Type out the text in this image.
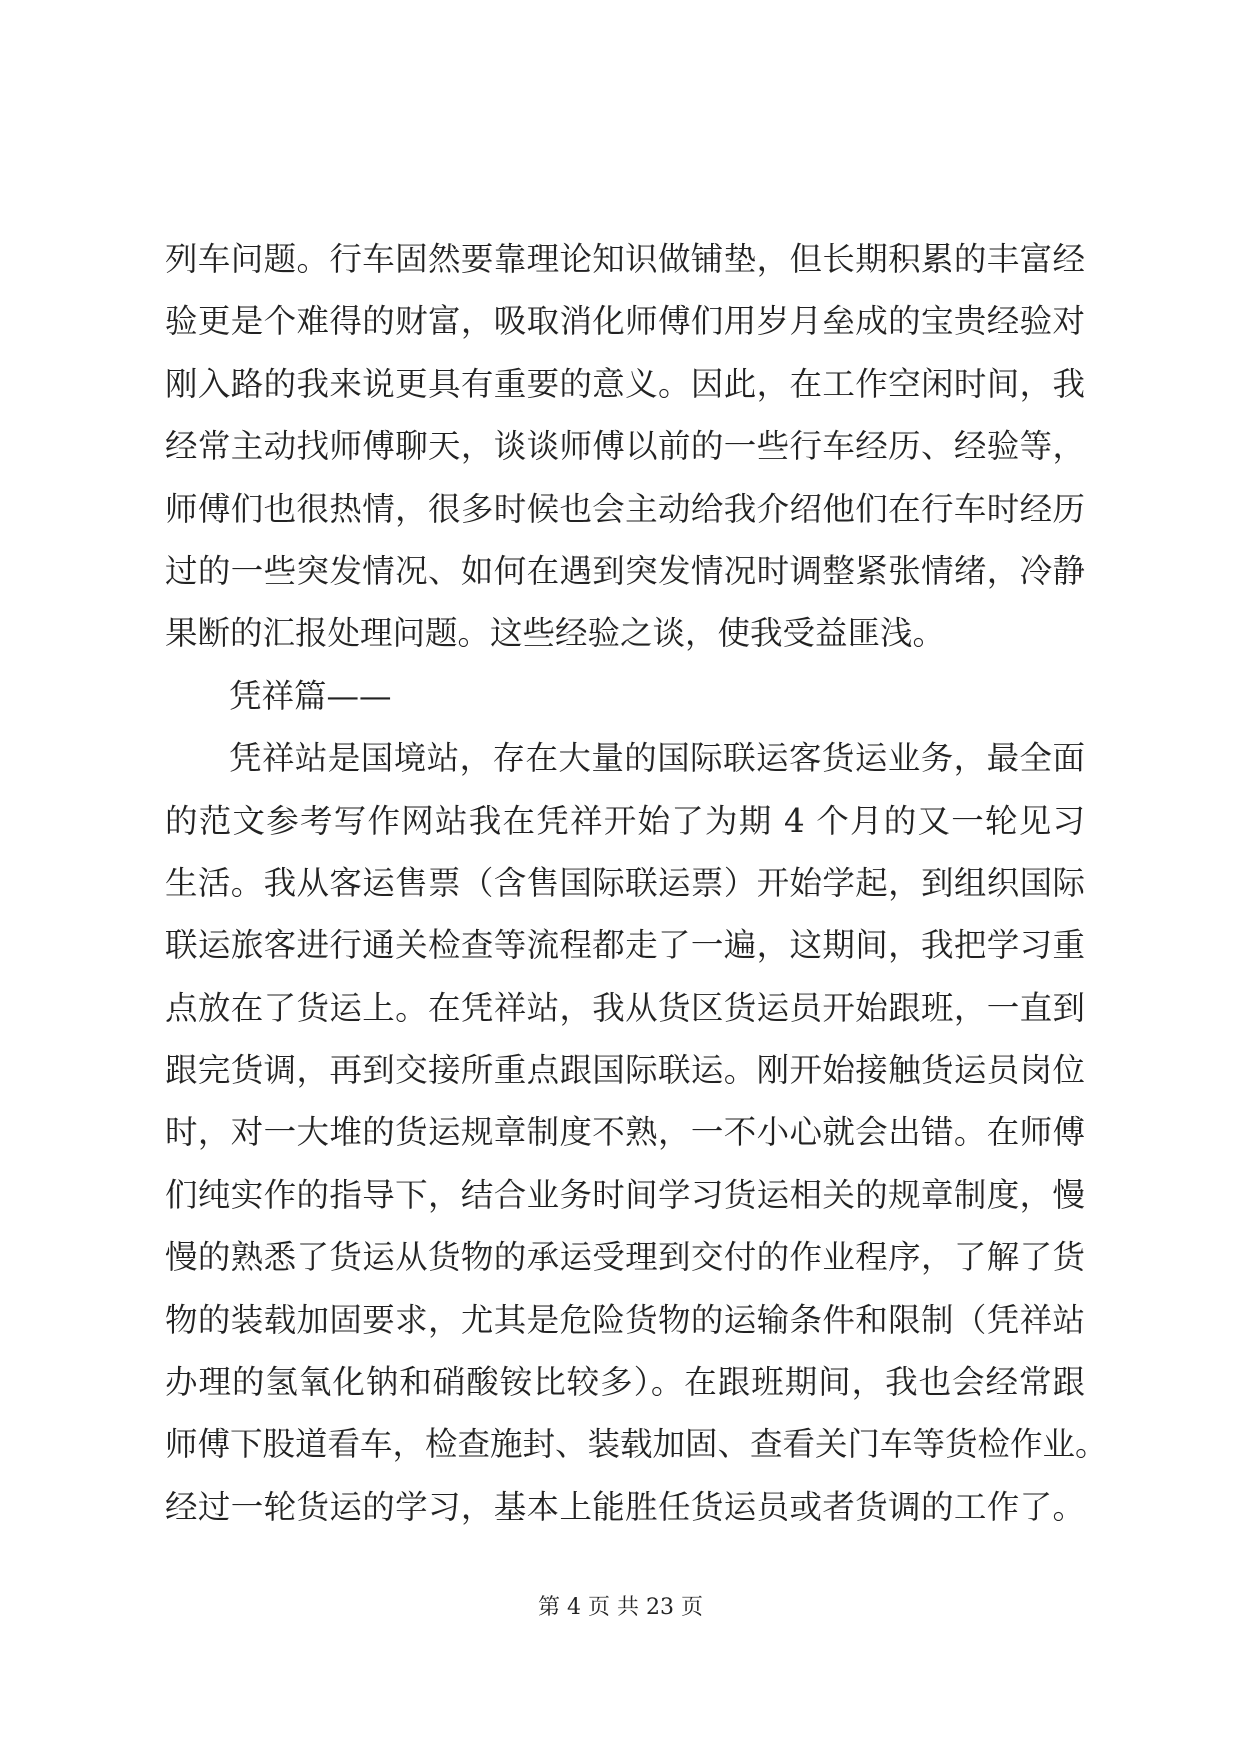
列车问题。行车固然要靠理论知识做铺垫，但长期积累的丰富经
验更是个难得的财富，吸取消化师傅们用岁月垒成的宝贵经验对
刚入路的我来说更具有重要的意义。因此，在工作空闲时间，我
经常主动找师傅聊天，谈谈师傅以前的一些行车经历、经验等，
师傅们也很热情，很多时候也会主动给我介绍他们在行车时经历
过的一些突发情况、如何在遇到突发情况时调整紧张情绪，冷静
果断的汇报处理问题。这些经验之谈，使我受益匪浅。
凭祥篇——
凭祥站是国境站，存在大量的国际联运客货运业务，最全面
的范文参考写作网站我在凭祥开始了为期 4 个月的又一轮见习
生活。我从客运售票（含售国际联运票）开始学起，到组织国际
联运旅客进行通关检查等流程都走了一遍，这期间，我把学习重
点放在了货运上。在凭祥站，我从货区货运员开始跟班，一直到
跟完货调，再到交接所重点跟国际联运。刚开始接触货运员岗位
时，对一大堆的货运规章制度不熟，一不小心就会出错。在师傅
们纯实作的指导下，结合业务时间学习货运相关的规章制度，慢
慢的熟悉了货运从货物的承运受理到交付的作业程序，了解了货
物的装载加固要求，尤其是危险货物的运输条件和限制（凭祥站
办理的氢氧化钠和硝酸铵比较多）。在跟班期间，我也会经常跟
师傅下股道看车，检查施封、装载加固、查看关门车等货检作业。
经过一轮货运的学习，基本上能胜任货运员或者货调的工作了。
第 4 页 共 23 页
